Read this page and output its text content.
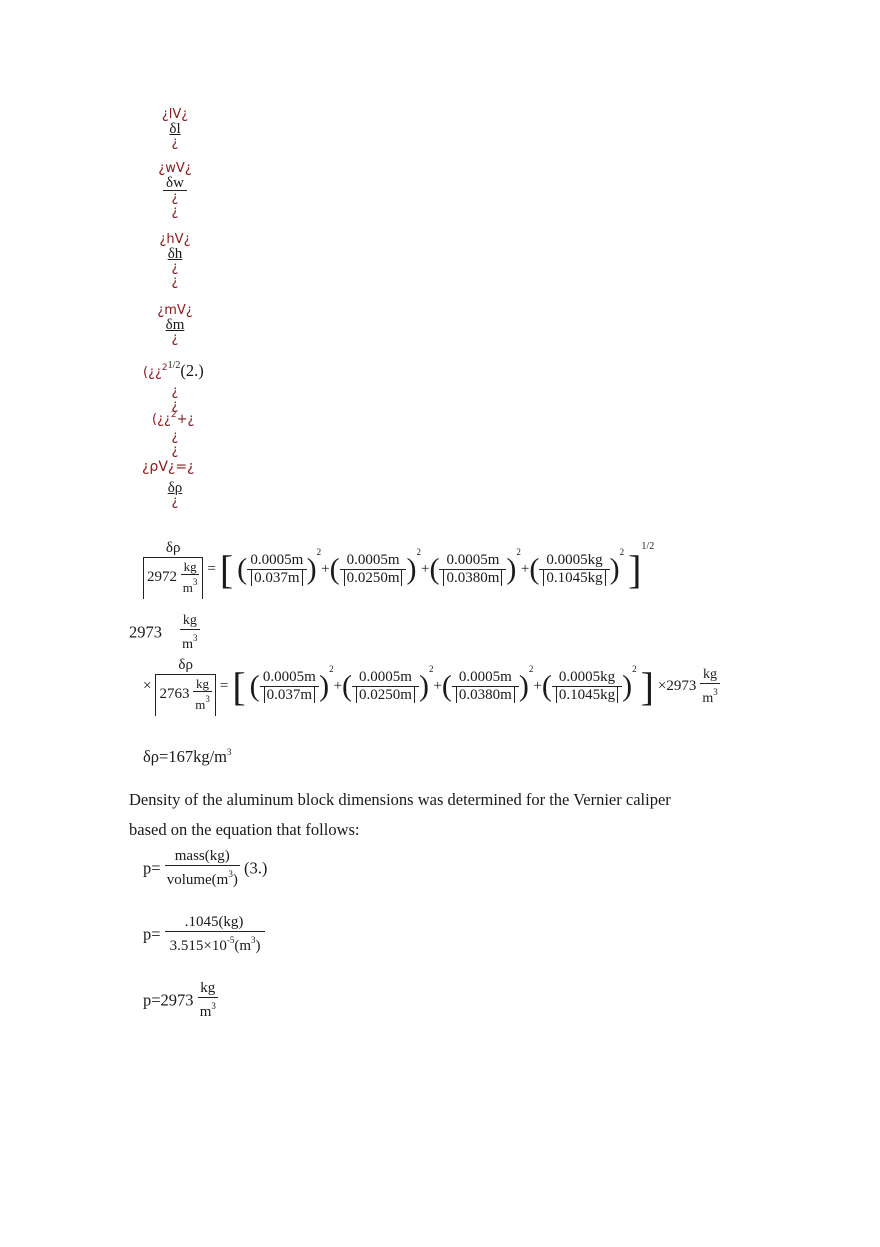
¿lV¿
δl
¿
¿wV¿
δw
¿
¿
¿hV¿
δh
¿
¿
¿mV¿
δm
¿
(¿¿$^{21/2}$(2.)
¿
¿
(¿¿$^2$+¿
¿
¿
¿ρV¿=¿
δρ
¿
$\frac{\delta\rho}{2972 \frac{kg}{m^3}}$ = [ ( $\frac{0.0005m}{0.037m} )^2+( \frac{0.0005m}{0.0250m} )^2+( \frac{0.0005m}{0.0380m} )^2+( \frac{0.0005kg}{0.1045kg} )^2$ ]$^{1/2}$
$2973 \frac{kg}{m^3}$
× $\frac{\delta\rho}{2763 \frac{kg}{m^3}}$ = [ ( $\frac{0.0005m}{0.037m} )^2+( \frac{0.0005m}{0.0250m} )^2+( \frac{0.0005m}{0.0380m} )^2+( \frac{0.0005kg}{0.1045kg} )^2$ ] $\times 2973 \frac{kg}{m^3}$
$\delta\rho=167kg/m^3$
Density of the aluminum block dimensions was determined for the Vernier caliper
based on the equation that follows:
$p= \frac{\text{mass(kg)}}{volume(m^3)} (3.)$
$p= \frac{.1045(kg)}{3.515\times 10^{-5}(m^3)}$
$p=2973 \frac{kg}{m^3}$
